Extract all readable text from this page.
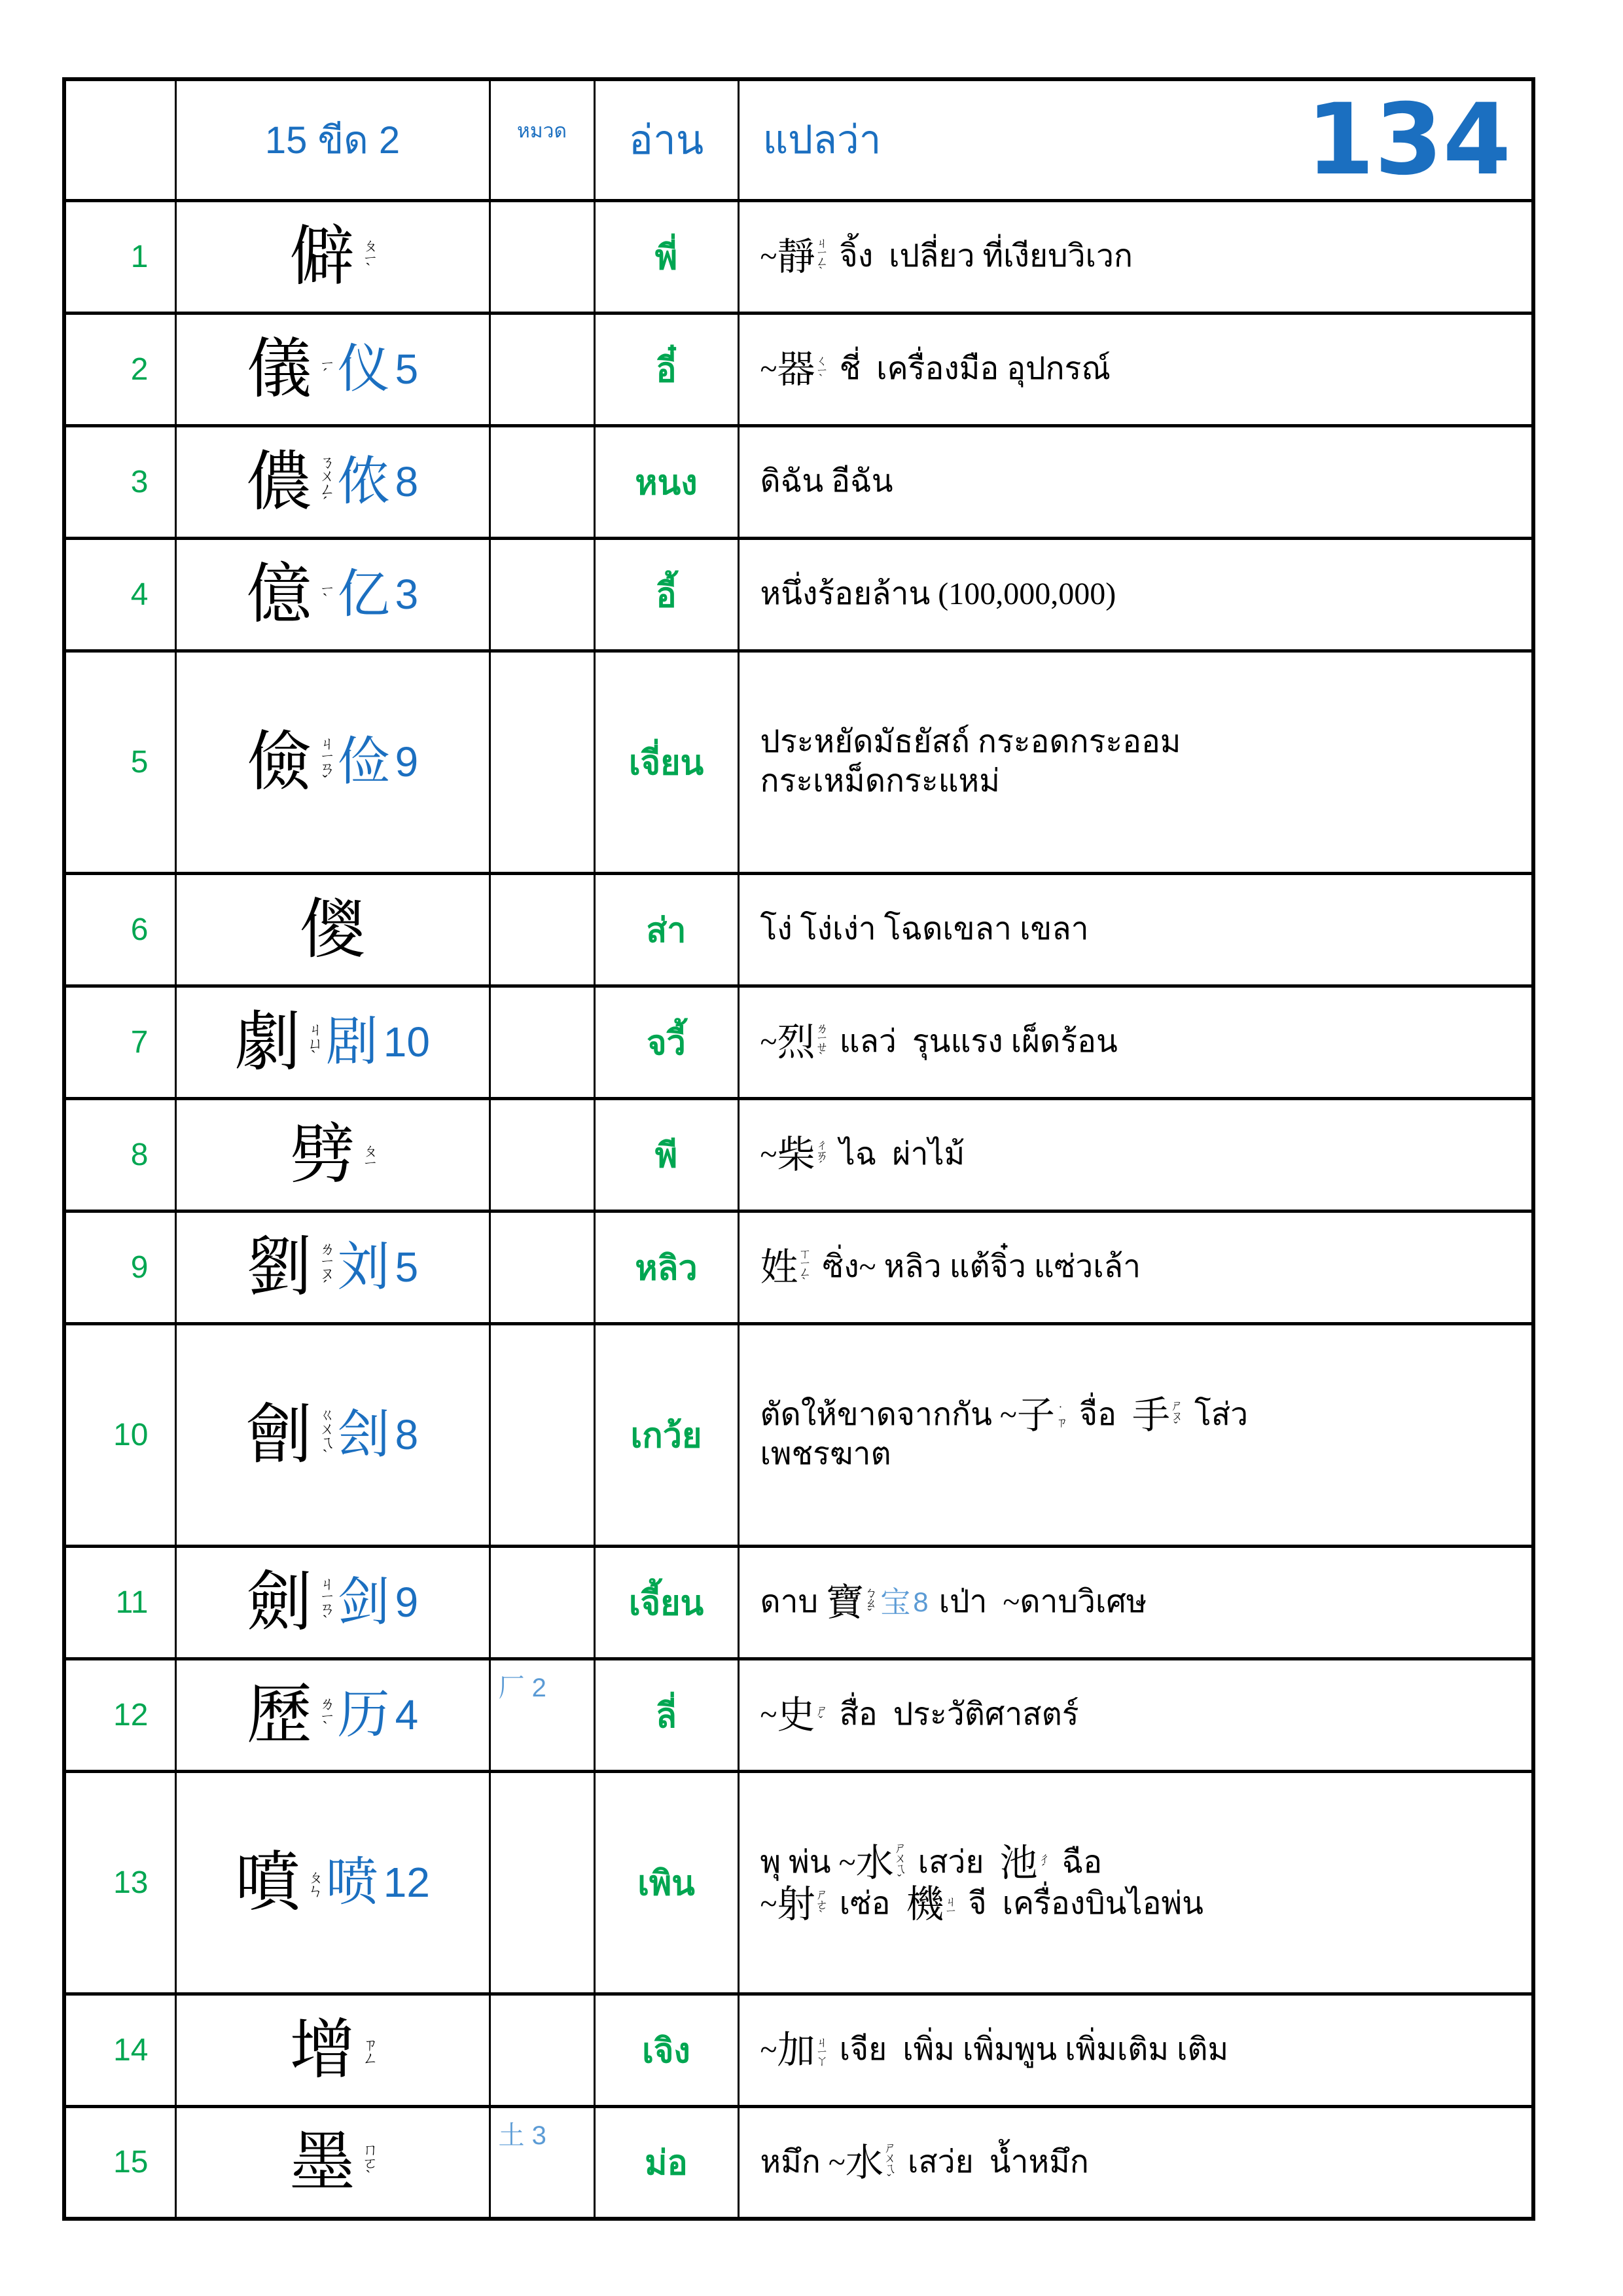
	15 ขีด 2	หมวด	อ่าน	แปลว่า 134

1	僻 ㄆㄧˋ		พี่	~ 靜
ㄐㄧㄥˋ จิ้ง  เปลี่ยว ที่เงียบวิเวก

2	儀 ㄧˊ 仪 5		อี๋	~ 器
ㄑㄧˋ ชี่  เครื่องมือ อุปกรณ์

3	儂 ㄋㄨㄥˊ 侬 8		หนง	ดิฉัน อีฉัน

4	億 ㄧˋ 亿 3		อี้	หนึ่งร้อยล้าน (100,000,000)

5	儉 ㄐㄧㄢˇ 俭 9		เจี่ยน	
ประหยัดมัธยัสถ์ กระอดกระออม
กระเหม็ดกระแหม่

6	儍		ส่า	โง่ โง่เง่า โฉดเขลา เขลา

7	劇 ㄐㄩˋ 剧 10		จวี้	~ 烈
ㄌㄧㄝˋ แลว่  รุนแรง เผ็ดร้อน

8	劈 ㄆㄧ		พี	~ 柴
ㄔㄞˊ ไฉ  ผ่าไม้

9	劉 ㄌㄧㄡˊ 刘 5		หลิว	姓
ㄒㄧㄥˋ ซิ่ง~ หลิว แต้จิ๋ว แซ่วเล้า

10	劊 ㄍㄨㄟˋ 刽 8		เกว้ย	
ตัดให้ขาดจากกัน ~ 子
˙ㄗ จื่อ 手
ㄕㄡˇ โส่ว
เพชรฆาต

11	劍 ㄐㄧㄢˋ 剑 9		เจี้ยน	ดาบ 寶
ㄅㄠˇ 宝 8 เป่า  ~ดาบวิเศษ

12	歷 ㄌㄧˋ 历 4	厂 2	ลี่	~ 史
ㄕˇ สื่อ  ประวัติศาสตร์

13	噴 ㄆㄣ 喷 12		เพิน	
พุ พ่น ~ 水
ㄕㄨㄟˇ เสว่ย 池
ㄔˊ ฉือ
~ 射
ㄕㄜˋ เซ่อ 機
ㄐㄧ จี  เครื่องบินไอพ่น

14	增 ㄗㄥ		เจิง	~ 加
ㄐㄧㄚ เจีย  เพิ่ม เพิ่มพูน เพิ่มเติม เติม

15	墨 ㄇㄛˋ	土 3	ม่อ	หมึก ~ 水
ㄕㄨㄟˇ เสว่ย  น้ำหมึก
